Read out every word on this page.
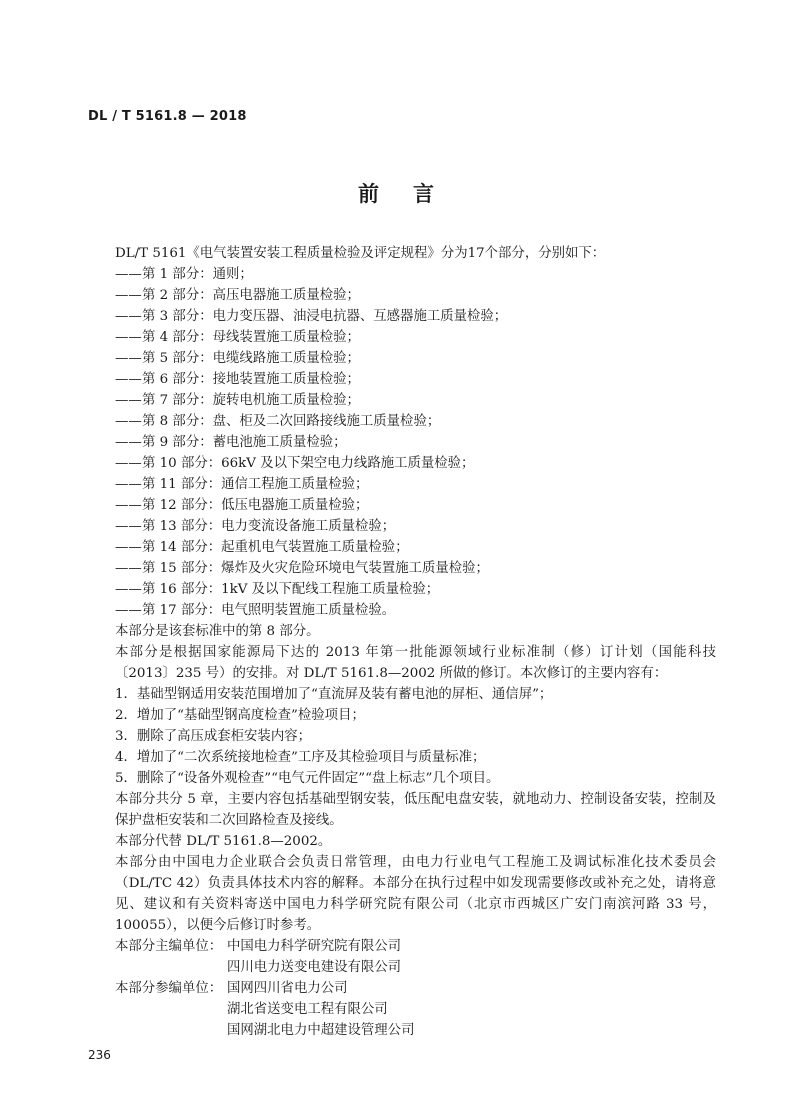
DL / T 5161.8 — 2018
前言

DL/T 5161《电气装置安装工程质量检验及评定规程》分为17个部分，分别如下：

——第 1 部分：通则；

——第 2 部分：高压电器施工质量检验；

——第 3 部分：电力变压器、油浸电抗器、互感器施工质量检验；

——第 4 部分：母线装置施工质量检验；

——第 5 部分：电缆线路施工质量检验；

——第 6 部分：接地装置施工质量检验；

——第 7 部分：旋转电机施工质量检验；

——第 8 部分：盘、柜及二次回路接线施工质量检验；

——第 9 部分：蓄电池施工质量检验；

——第 10 部分：66kV 及以下架空电力线路施工质量检验；

——第 11 部分：通信工程施工质量检验；

——第 12 部分：低压电器施工质量检验；

——第 13 部分：电力变流设备施工质量检验；

——第 14 部分：起重机电气装置施工质量检验；

——第 15 部分：爆炸及火灾危险环境电气装置施工质量检验；

——第 16 部分：1kV 及以下配线工程施工质量检验；

——第 17 部分：电气照明装置施工质量检验。

本部分是该套标准中的第 8 部分。

本部分是根据国家能源局下达的 2013 年第一批能源领域行业标准制（修）订计划（国能科技〔2013〕235 号）的安排。对 DL/T 5161.8—2002 所做的修订。本次修订的主要内容有：

1．基础型钢适用安装范围增加了“直流屏及装有蓄电池的屏柜、通信屏”；

2．增加了“基础型钢高度检查”检验项目；

3．删除了高压成套柜安装内容；

4．增加了“二次系统接地检查”工序及其检验项目与质量标准；

5．删除了“设备外观检查”“电气元件固定”“盘上标志”几个项目。

本部分共分 5 章，主要内容包括基础型钢安装，低压配电盘安装，就地动力、控制设备安装，控制及保护盘柜安装和二次回路检查及接线。

本部分代替 DL/T 5161.8—2002。

本部分由中国电力企业联合会负责日常管理，由电力行业电气工程施工及调试标准化技术委员会（DL/TC 42）负责具体技术内容的解释。本部分在执行过程中如发现需要修改或补充之处，请将意见、建议和有关资料寄送中国电力科学研究院有限公司（北京市西城区广安门南滨河路 33 号，100055），以便今后修订时参考。

本部分主编单位： 中国电力科学研究院有限公司

四川电力送变电建设有限公司

本部分参编单位： 国网四川省电力公司

湖北省送变电工程有限公司

国网湖北电力中超建设管理公司

236
